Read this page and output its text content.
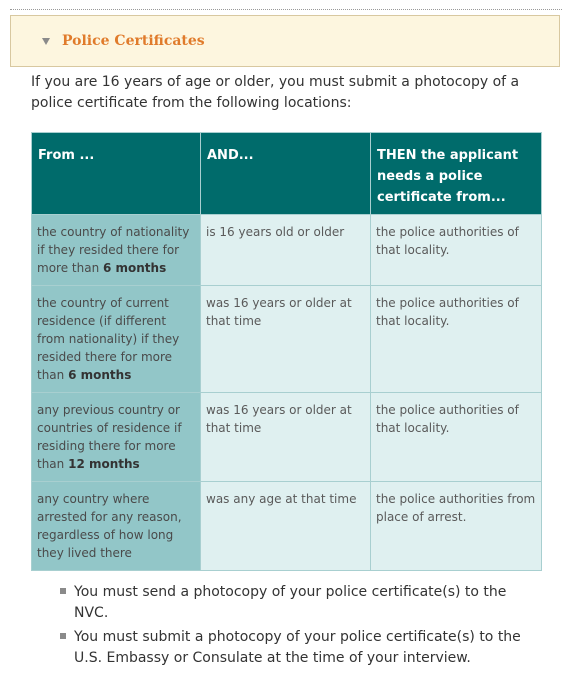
Police Certificates
If you are 16 years of age or older, you must submit a photocopy of a police certificate from the following locations:
From ...	AND...	THEN the applicant needs a police certificate from...
the country of nationality if they resided there for more than 6 months	is 16 years old or older	the police authorities of that locality.
the country of current residence (if different from nationality) if they resided there for more than 6 months	was 16 years or older at that time	the police authorities of that locality.
any previous country or countries of residence if residing there for more than 12 months	was 16 years or older at that time	the police authorities of that locality.
any country where arrested for any reason, regardless of how long they lived there	was any age at that time	the police authorities from place of arrest.
You must send a photocopy of your police certificate(s) to the NVC.
You must submit a photocopy of your police certificate(s) to the U.S. Embassy or Consulate at the time of your interview.
